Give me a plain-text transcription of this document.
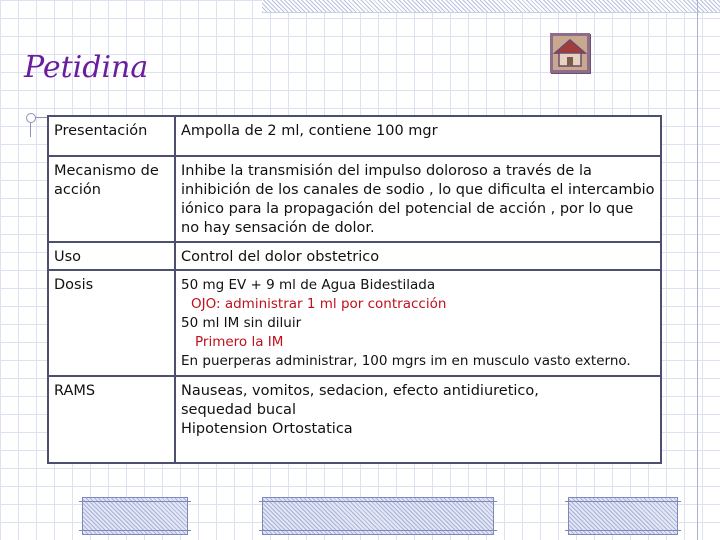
Petidina
Presentación	Ampolla de 2 ml, contiene 100 mgr
Mecanismo de acción	Inhibe la transmisión del impulso doloroso a través de la inhibición de los canales de sodio , lo que dificulta el intercambio iónico para la propagación del potencial de acción , por lo que no hay sensación de dolor.
Uso	Control del dolor obstetrico
Dosis	50 mg EV + 9 ml de Agua Bidestilada
OJO: administrar 1 ml por contracción
50 ml IM sin diluir
Primero la IM
En puerperas administrar, 100 mgrs im en musculo vasto externo.

RAMS	Nauseas, vomitos, sedacion, efecto antidiuretico,
sequedad bucal
Hipotension Ortostatica
